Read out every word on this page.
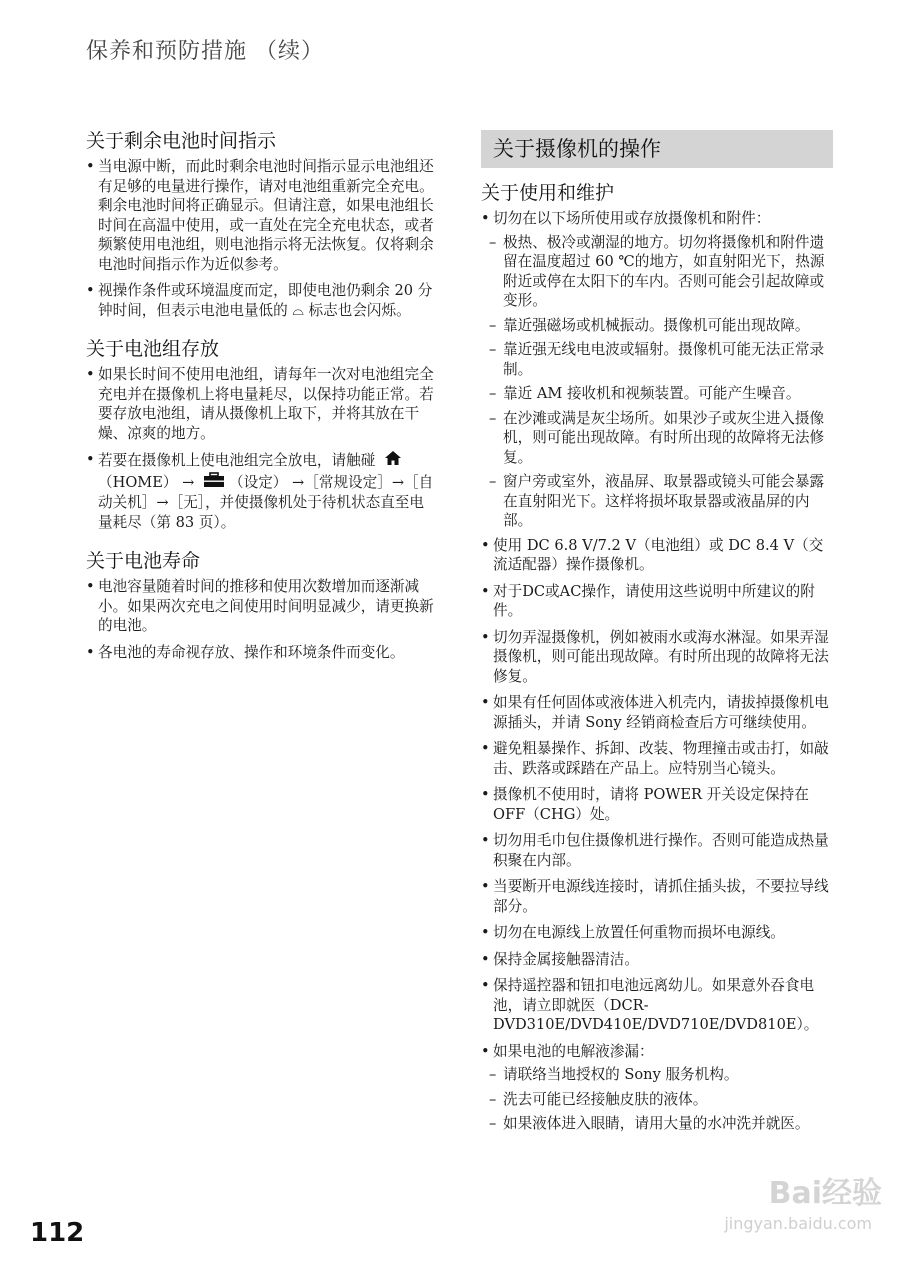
保养和预防措施 （续）
关于剩余电池时间指示
• 当电源中断，而此时剩余电池时间指示显示电池组还有足够的电量进行操作，请对电池组重新完全充电。剩余电池时间将正确显示。但请注意，如果电池组长时间在高温中使用，或一直处在完全充电状态，或者频繁使用电池组，则电池指示将无法恢复。仅将剩余电池时间指示作为近似参考。
• 视操作条件或环境温度而定，即使电池仍剩余 20 分钟时间，但表示电池电量低的 ⌓ 标志也会闪烁。
关于电池组存放
• 如果长时间不使用电池组，请每年一次对电池组完全充电并在摄像机上将电量耗尽，以保持功能正常。若要存放电池组，请从摄像机上取下，并将其放在干燥、凉爽的地方。
• 若要在摄像机上使电池组完全放电，请触碰 （HOME） → （设定） →［常规设定］→［自动关机］→［无］，并使摄像机处于待机状态直至电量耗尽（第 83 页）。
关于电池寿命
• 电池容量随着时间的推移和使用次数增加而逐渐减小。如果两次充电之间使用时间明显减少，请更换新的电池。
• 各电池的寿命视存放、操作和环境条件而变化。
关于摄像机的操作
关于使用和维护
• 切勿在以下场所使用或存放摄像机和附件：
– 极热、极冷或潮湿的地方。切勿将摄像机和附件遗留在温度超过 60 ℃的地方，如直射阳光下，热源附近或停在太阳下的车内。否则可能会引起故障或变形。
– 靠近强磁场或机械振动。摄像机可能出现故障。
– 靠近强无线电电波或辐射。摄像机可能无法正常录制。
– 靠近 AM 接收机和视频装置。可能产生噪音。
– 在沙滩或满是灰尘场所。如果沙子或灰尘进入摄像机，则可能出现故障。有时所出现的故障将无法修复。
– 窗户旁或室外，液晶屏、取景器或镜头可能会暴露在直射阳光下。这样将损坏取景器或液晶屏的内部。
• 使用 DC 6.8 V/7.2 V（电池组）或 DC 8.4 V（交流适配器）操作摄像机。
• 对于DC或AC操作，请使用这些说明中所建议的附件。
• 切勿弄湿摄像机，例如被雨水或海水淋湿。如果弄湿摄像机，则可能出现故障。有时所出现的故障将无法修复。
• 如果有任何固体或液体进入机壳内，请拔掉摄像机电源插头，并请 Sony 经销商检查后方可继续使用。
• 避免粗暴操作、拆卸、改装、物理撞击或击打，如敲击、跌落或踩踏在产品上。应特别当心镜头。
• 摄像机不使用时，请将 POWER 开关设定保持在 OFF（CHG）处。
• 切勿用毛巾包住摄像机进行操作。否则可能造成热量积聚在内部。
• 当要断开电源线连接时，请抓住插头拔，不要拉导线部分。
• 切勿在电源线上放置任何重物而损坏电源线。
• 保持金属接触器清洁。
• 保持遥控器和钮扣电池远离幼儿。如果意外吞食电池，请立即就医（DCR-DVD310E/DVD410E/DVD710E/DVD810E）。
• 如果电池的电解液渗漏：
– 请联络当地授权的 Sony 服务机构。
– 洗去可能已经接触皮肤的液体。
– 如果液体进入眼睛，请用大量的水冲洗并就医。
Bai经验
jingyan.baidu.com
112
